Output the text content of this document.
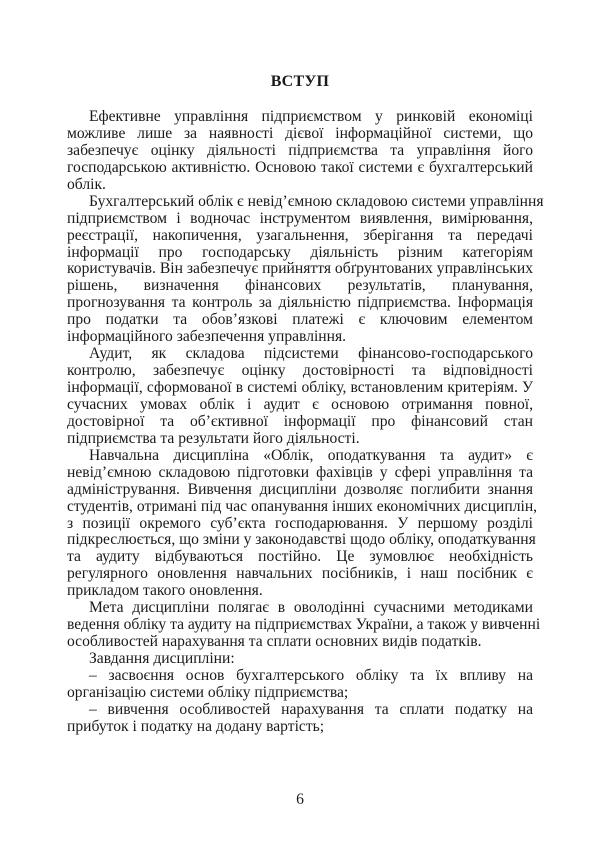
ВСТУП
Ефективне управління підприємством у ринковій економіці
можливе лише за наявності дієвої інформаційної системи, що
забезпечує оцінку діяльності підприємства та управління його
господарською активністю. Основою такої системи є бухгалтерський
облік.
Бухгалтерський облік є невід’ємною складовою системи управління
підприємством і водночас інструментом виявлення, вимірювання,
реєстрації, накопичення, узагальнення, зберігання та передачі
інформації про господарську діяльність різним категоріям
користувачів. Він забезпечує прийняття обґрунтованих управлінських
рішень, визначення фінансових результатів, планування,
прогнозування та контроль за діяльністю підприємства. Інформація
про податки та обов’язкові платежі є ключовим елементом
інформаційного забезпечення управління.
Аудит, як складова підсистеми фінансово-господарського
контролю, забезпечує оцінку достовірності та відповідності
інформації, сформованої в системі обліку, встановленим критеріям. У
сучасних умовах облік і аудит є основою отримання повної,
достовірної та об’єктивної інформації про фінансовий стан
підприємства та результати його діяльності.
Навчальна дисципліна «Облік, оподаткування та аудит» є
невід’ємною складовою підготовки фахівців у сфері управління та
адміністрування. Вивчення дисципліни дозволяє поглибити знання
студентів, отримані під час опанування інших економічних дисциплін,
з позиції окремого суб’єкта господарювання. У першому розділі
підкреслюється, що зміни у законодавстві щодо обліку, оподаткування
та аудиту відбуваються постійно. Це зумовлює необхідність
регулярного оновлення навчальних посібників, і наш посібник є
прикладом такого оновлення.
Мета дисципліни полягає в оволодінні сучасними методиками
ведення обліку та аудиту на підприємствах України, а також у вивченні
особливостей нарахування та сплати основних видів податків.
Завдання дисципліни:
– засвоєння основ бухгалтерського обліку та їх впливу на
організацію системи обліку підприємства;
– вивчення особливостей нарахування та сплати податку на
прибуток і податку на додану вартість;
6
